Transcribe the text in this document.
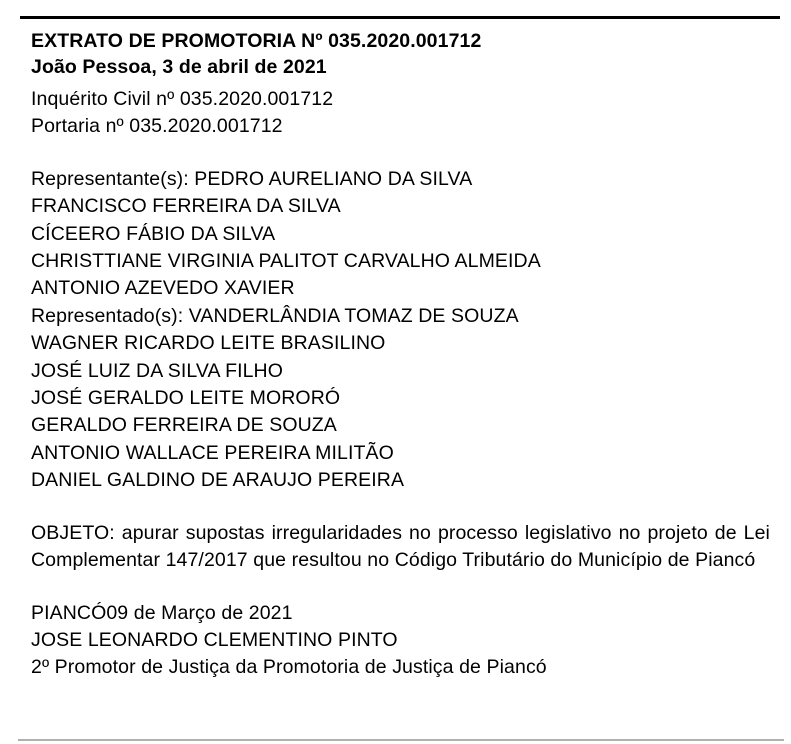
EXTRATO DE PROMOTORIA Nº 035.2020.001712
João Pessoa, 3 de abril de 2021
Inquérito Civil nº 035.2020.001712
Portaria nº 035.2020.001712
Representante(s): PEDRO AURELIANO DA SILVA
FRANCISCO FERREIRA DA SILVA
CÍCEERO FÁBIO DA SILVA
CHRISTTIANE VIRGINIA PALITOT CARVALHO ALMEIDA
ANTONIO AZEVEDO XAVIER
Representado(s): VANDERLÂNDIA TOMAZ DE SOUZA
WAGNER RICARDO LEITE BRASILINO
JOSÉ LUIZ DA SILVA FILHO
JOSÉ GERALDO LEITE MORORÓ
GERALDO FERREIRA DE SOUZA
ANTONIO WALLACE PEREIRA MILITÃO
DANIEL GALDINO DE ARAUJO PEREIRA

OBJETO: apurar supostas irregularidades no processo legislativo no projeto de Lei Complementar 147/2017 que resultou no Código Tributário do Município de Piancó

PIANCÓ09 de Março de 2021
JOSE LEONARDO CLEMENTINO PINTO
2º Promotor de Justiça da Promotoria de Justiça de Piancó
